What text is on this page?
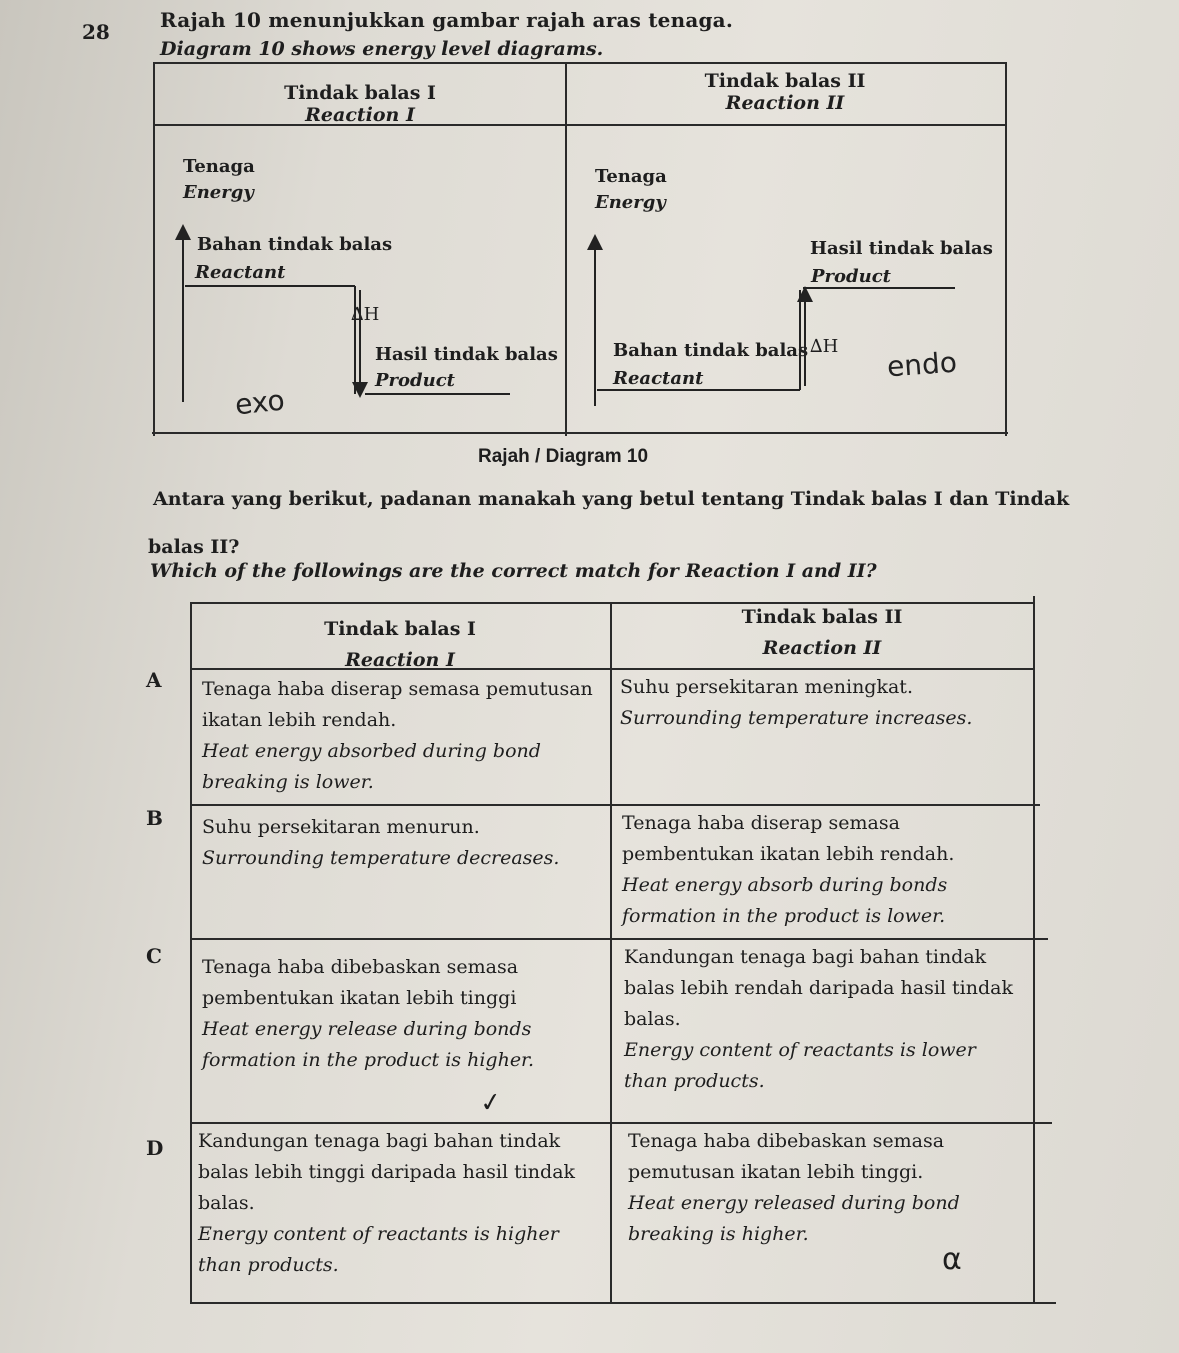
28	Rajah 10 menunjukkan gambar rajah aras tenaga.
Diagram 10 shows energy level diagrams.
Tindak balas I
Reaction I
Tindak balas II
Reaction II
Tenaga
Energy
Bahan tindak balas
Reactant
∆H
Hasil tindak balas
Product
exo
Tenaga
Energy
Hasil tindak balas
Product
Bahan tindak balas
Reactant
∆H endo
Rajah / Diagram 10
Antara yang berikut, padanan manakah yang betul tentang Tindak balas I dan Tindak
balas II?
Which of the followings are the correct match for Reaction I and II?
Tindak balas I
Reaction I
Tindak balas II
Reaction II
A Tenaga haba diserap semasa pemutusan
ikatan lebih rendah.
Heat energy absorbed during bond
breaking is lower.
Suhu persekitaran meningkat.
Surrounding temperature increases.
B Suhu persekitaran menurun.
Surrounding temperature decreases.
Tenaga haba diserap semasa
pembentukan ikatan lebih rendah.
Heat energy absorb during bonds
formation in the product is lower.
C Tenaga haba dibebaskan semasa
pembentukan ikatan lebih tinggi
Heat energy release during bonds
formation in the product is higher.
Kandungan tenaga bagi bahan tindak
balas lebih rendah daripada hasil tindak
balas.
Energy content of reactants is lower
than products.
✓
D Kandungan tenaga bagi bahan tindak
balas lebih tinggi daripada hasil tindak
balas.
Energy content of reactants is higher
than products.
Tenaga haba dibebaskan semasa
pemutusan ikatan lebih tinggi.
Heat energy released during bond
breaking is higher.
α
